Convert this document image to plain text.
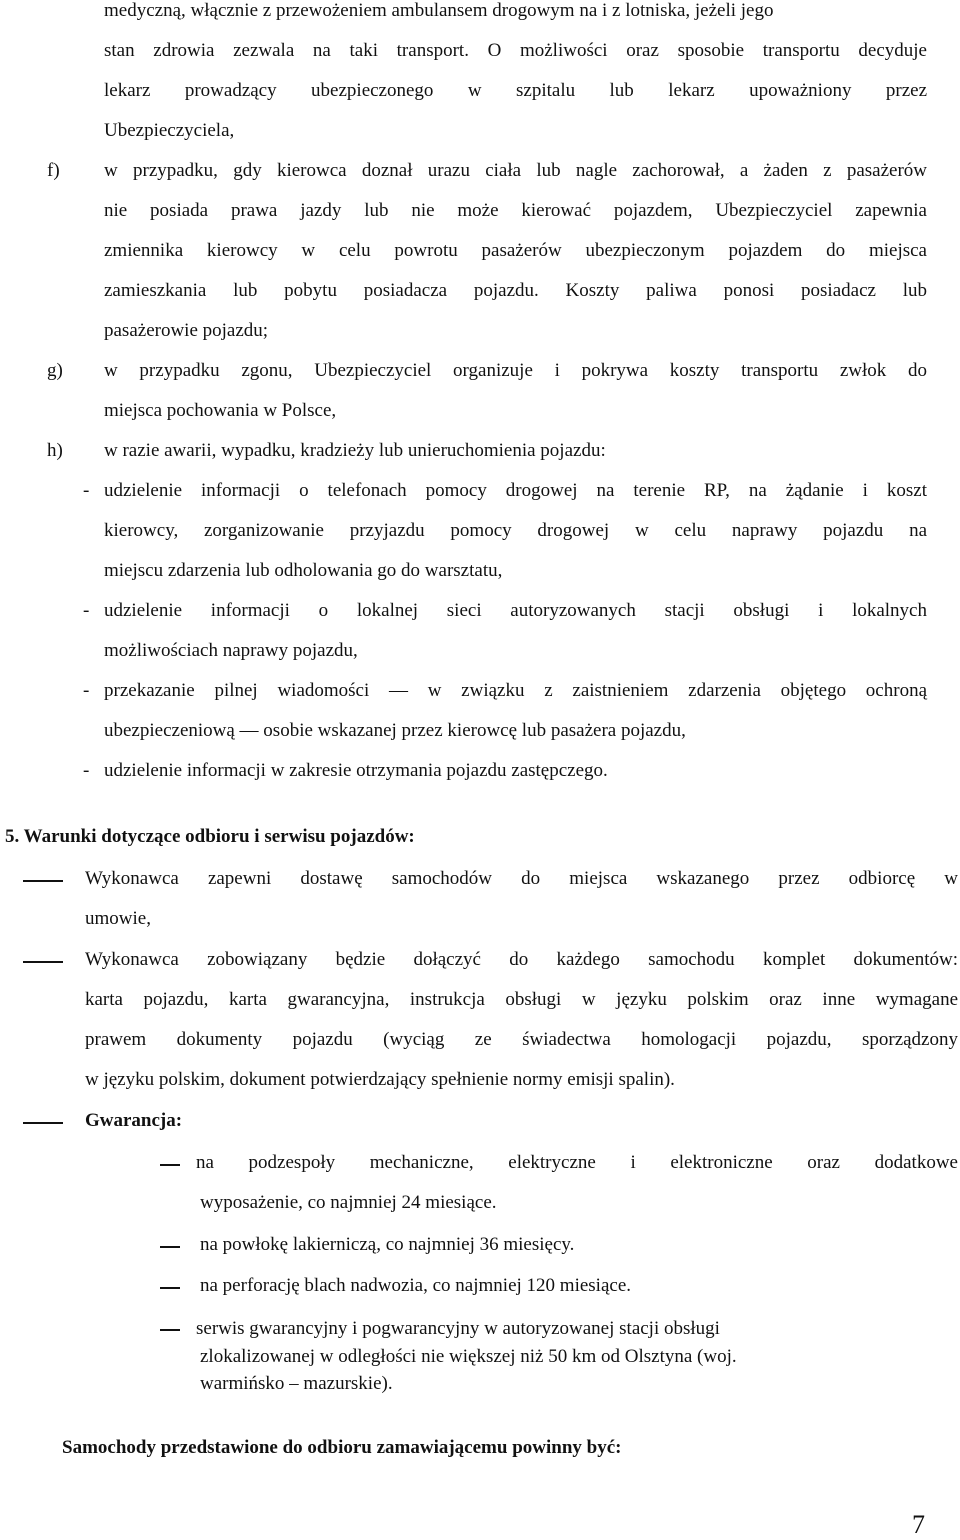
medyczną, włącznie z przewożeniem ambulansem drogowym na i z lotniska, jeżeli jego
stan zdrowia zezwala na taki transport. O możliwości oraz sposobie transportu decyduje
lekarz prowadzący ubezpieczonego w szpitalu lub lekarz upoważniony przez
Ubezpieczyciela,
f) w przypadku, gdy kierowca doznał urazu ciała lub nagle zachorował, a żaden z pasażerów
nie posiada prawa jazdy lub nie może kierować pojazdem, Ubezpieczyciel zapewnia
zmiennika kierowcy w celu powrotu pasażerów ubezpieczonym pojazdem do miejsca
zamieszkania lub pobytu posiadacza pojazdu. Koszty paliwa ponosi posiadacz lub
pasażerowie pojazdu;
g) w przypadku zgonu, Ubezpieczyciel organizuje i pokrywa koszty transportu zwłok do
miejsca pochowania w Polsce,
h) w razie awarii, wypadku, kradzieży lub unieruchomienia pojazdu:
- udzielenie informacji o telefonach pomocy drogowej na terenie RP, na żądanie i koszt
kierowcy, zorganizowanie przyjazdu pomocy drogowej w celu naprawy pojazdu na
miejscu zdarzenia lub odholowania go do warsztatu,
- udzielenie informacji o lokalnej sieci autoryzowanych stacji obsługi i lokalnych
możliwościach naprawy pojazdu,
- przekazanie pilnej wiadomości — w związku z zaistnieniem zdarzenia objętego ochroną
ubezpieczeniową — osobie wskazanej przez kierowcę lub pasażera pojazdu,
- udzielenie informacji w zakresie otrzymania pojazdu zastępczego.
5. Warunki dotyczące odbioru i serwisu pojazdów:
Wykonawca zapewni dostawę samochodów do miejsca wskazanego przez odbiorcę w
umowie,
Wykonawca zobowiązany będzie dołączyć do każdego samochodu komplet dokumentów:
karta pojazdu, karta gwarancyjna, instrukcja obsługi w języku polskim oraz inne wymagane
prawem dokumenty pojazdu (wyciąg ze świadectwa homologacji pojazdu, sporządzony
w języku polskim, dokument potwierdzający spełnienie normy emisji spalin).
Gwarancja:
na podzespoły mechaniczne, elektryczne i elektroniczne oraz dodatkowe
wyposażenie, co najmniej 24 miesiące.
na powłokę lakierniczą, co najmniej 36 miesięcy.
na perforację blach nadwozia, co najmniej 120 miesiące.
serwis gwarancyjny i pogwarancyjny w autoryzowanej stacji obsługi
zlokalizowanej w odległości nie większej niż 50 km od Olsztyna (woj.
warmińsko – mazurskie).
Samochody przedstawione do odbioru zamawiającemu powinny być:
7
